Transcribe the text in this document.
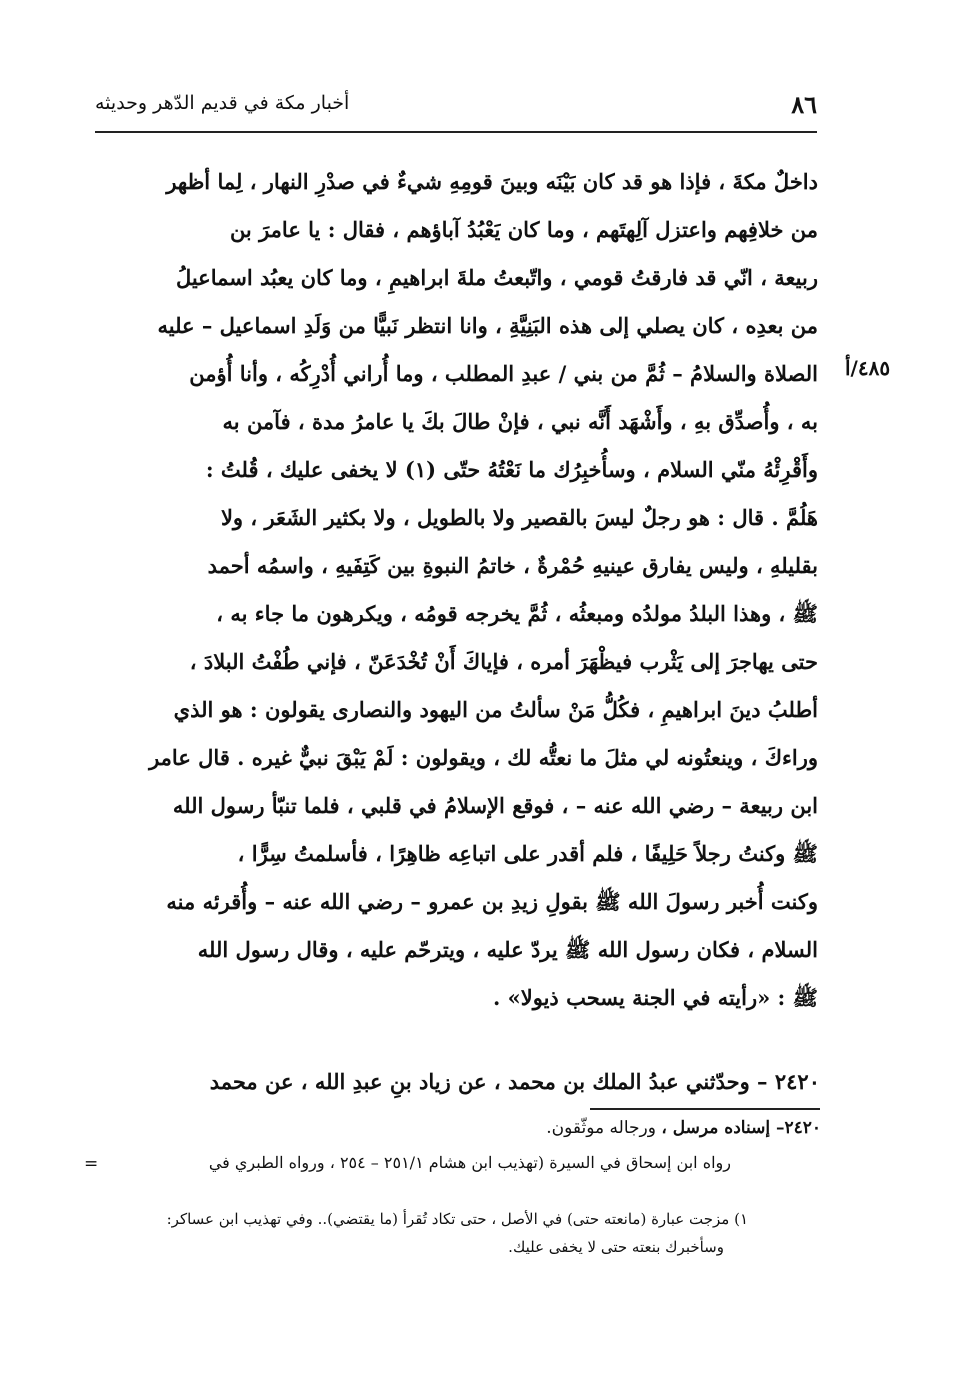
٨٦
أخبار مكة في قديم الدّهر وحديثه
٤٨٥/أ
داخلٌ مكةَ ، فإذا هو قد كان بَيْنَه وبينَ قومِهِ شيءٌ في صدْرِ النهار ، لِما أظهر
من خلافِهم واعتزل آلِهتَهم ، وما كان يَعْبُدُ آباؤهم ، فقال : يا عامرَ بن
ربيعة ، انّي قد فارقتُ قومي ، واتّبعتُ ملةَ ابراهيمِ ، وما كان يعبُد اسماعيلُ
من بعدِه ، كان يصلي إلى هذه البَنِيَّةِ ، وانا انتظر نَبيًّا من وَلَدِ اسماعيل – عليه
الصلاة والسلامُ – ثُمَّ من بني / عبدِ المطلب ، وما أُراني أُدْرِكُه ، وأنا أُؤمن
به ، وأُصدِّق بهِ ، وأَشْهَد أَنَّه نبي ، فإنْ طالَ بكَ يا عامرُ مدة ، فآمن به
وأَقْرِئْهُ منّي السلام ، وسأُخبِرُك ما نَعْتُهُ حتّى (١) لا يخفى عليك ، قُلتُ :
هَلُمَّ . قال : هو رجلٌ ليسَ بالقصير ولا بالطويل ، ولا بكثير الشَعَر ، ولا
بقليلهِ ، وليس يفارق عينيهِ حُمْرةٌ ، خاتمُ النبوةِ بين كَتِفَيهِ ، واسمُه أحمد
ﷺ ، وهذا البلدُ مولدُه ومبعثُه ، ثُمَّ يخرجه قومُه ، ويكرهون ما جاء به ،
حتى يهاجرَ إلى يَثْرب فيظْهَرَ أمره ، فإياكَ أَنْ تُخْدَعَنّ ، فإني طُفْتُ البلادَ ،
أطلبُ دينَ ابراهيمِ ، فكُلُّ مَنْ سألتُ من اليهود والنصارى يقولون : هو الذي
وراءكَ ، وينعتُونه لي مثلَ ما نعتُّه لك ، ويقولون : لَمْ يَبْقَ نبيٌّ غيره . قال عامر
ابن ربيعة – رضي الله عنه – ، فوقع الإسلامُ في قلبي ، فلما تنبّأ رسول الله
ﷺ وكنتُ رجلاً حَلِيفًا ، فلم أقدر على اتباعِه ظاهِرًا ، فأسلمتُ سِرًّا ،
وكنت أُخبر رسولَ الله ﷺ بقولِ زيدِ بن عمرو – رضي الله عنه – وأُقرئه منه
السلام ، فكان رسول الله ﷺ يردّ عليه ، ويترحّم عليه ، وقال رسول الله
ﷺ : «رأيته في الجنة يسحب ذيولا» .
٢٤٢٠ – وحدّثني عبدُ الملك بن محمد ، عن زياد بنِ عبدِ الله ، عن محمد
٢٤٢٠– إسناده مرسل ، ورجاله موثّقون.
رواه ابن إسحاق في السيرة (تهذيب ابن هشام ٢٥١/١ – ٢٥٤ ، ورواه الطبري في
=
١) مزجت عبارة (مانعته حتى) في الأصل ، حتى تكاد تُقرأ (ما يقتضي).. وفي تهذيب ابن عساكر:
وسأخبرك بنعته حتى لا يخفى عليك.
